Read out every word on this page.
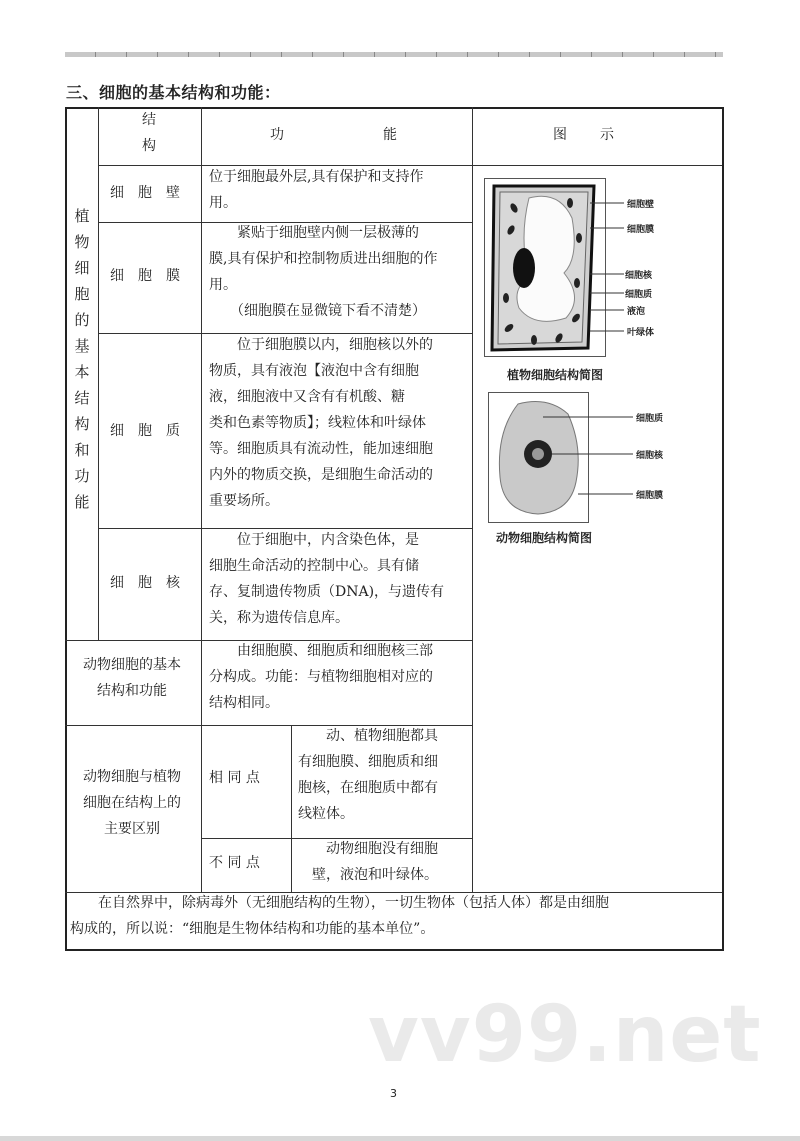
三、细胞的基本结构和功能：
结
构
功	能	图 示
植
物
细
胞
的
基
本
结
构
和
功
能
细　胞　壁
位于细胞最外层,具有保护和支持作
用。
细　胞　膜
　　紧贴于细胞壁内侧一层极薄的
膜,具有保护和控制物质进出细胞的作
用。
　　（细胞膜在显微镜下看不清楚）
细　胞　质
　　位于细胞膜以内，细胞核以外的
物质，具有液泡【液泡中含有细胞
液，细胞液中又含有有机酸、糖
类和色素等物质】；线粒体和叶绿体
等。细胞质具有流动性，能加速细胞
内外的物质交换，是细胞生命活动的
重要场所。
细　胞　核
　　位于细胞中，内含染色体，是
细胞生命活动的控制中心。具有储
存、复制遗传物质（DNA)，与遗传有
关，称为遗传信息库。
动物细胞的基本
结构和功能
　　由细胞膜、细胞质和细胞核三部
分构成。功能：与植物细胞相对应的
结构相同。
动物细胞与植物
细胞在结构上的
主要区别
相 同 点
　　动、植物细胞都具
有细胞膜、细胞质和细
胞核，在细胞质中都有
线粒体。
不 同 点
　　动物细胞没有细胞
　壁，液泡和叶绿体。
　　在自然界中，除病毒外（无细胞结构的生物），一切生物体（包括人体）都是由细胞
构成的，所以说：“细胞是生物体结构和功能的基本单位”。
细胞壁
细胞膜
细胞核
细胞质
液泡
叶绿体
植物细胞结构简图
细胞质
细胞核
细胞膜
动物细胞结构简图
vv99.net
3
